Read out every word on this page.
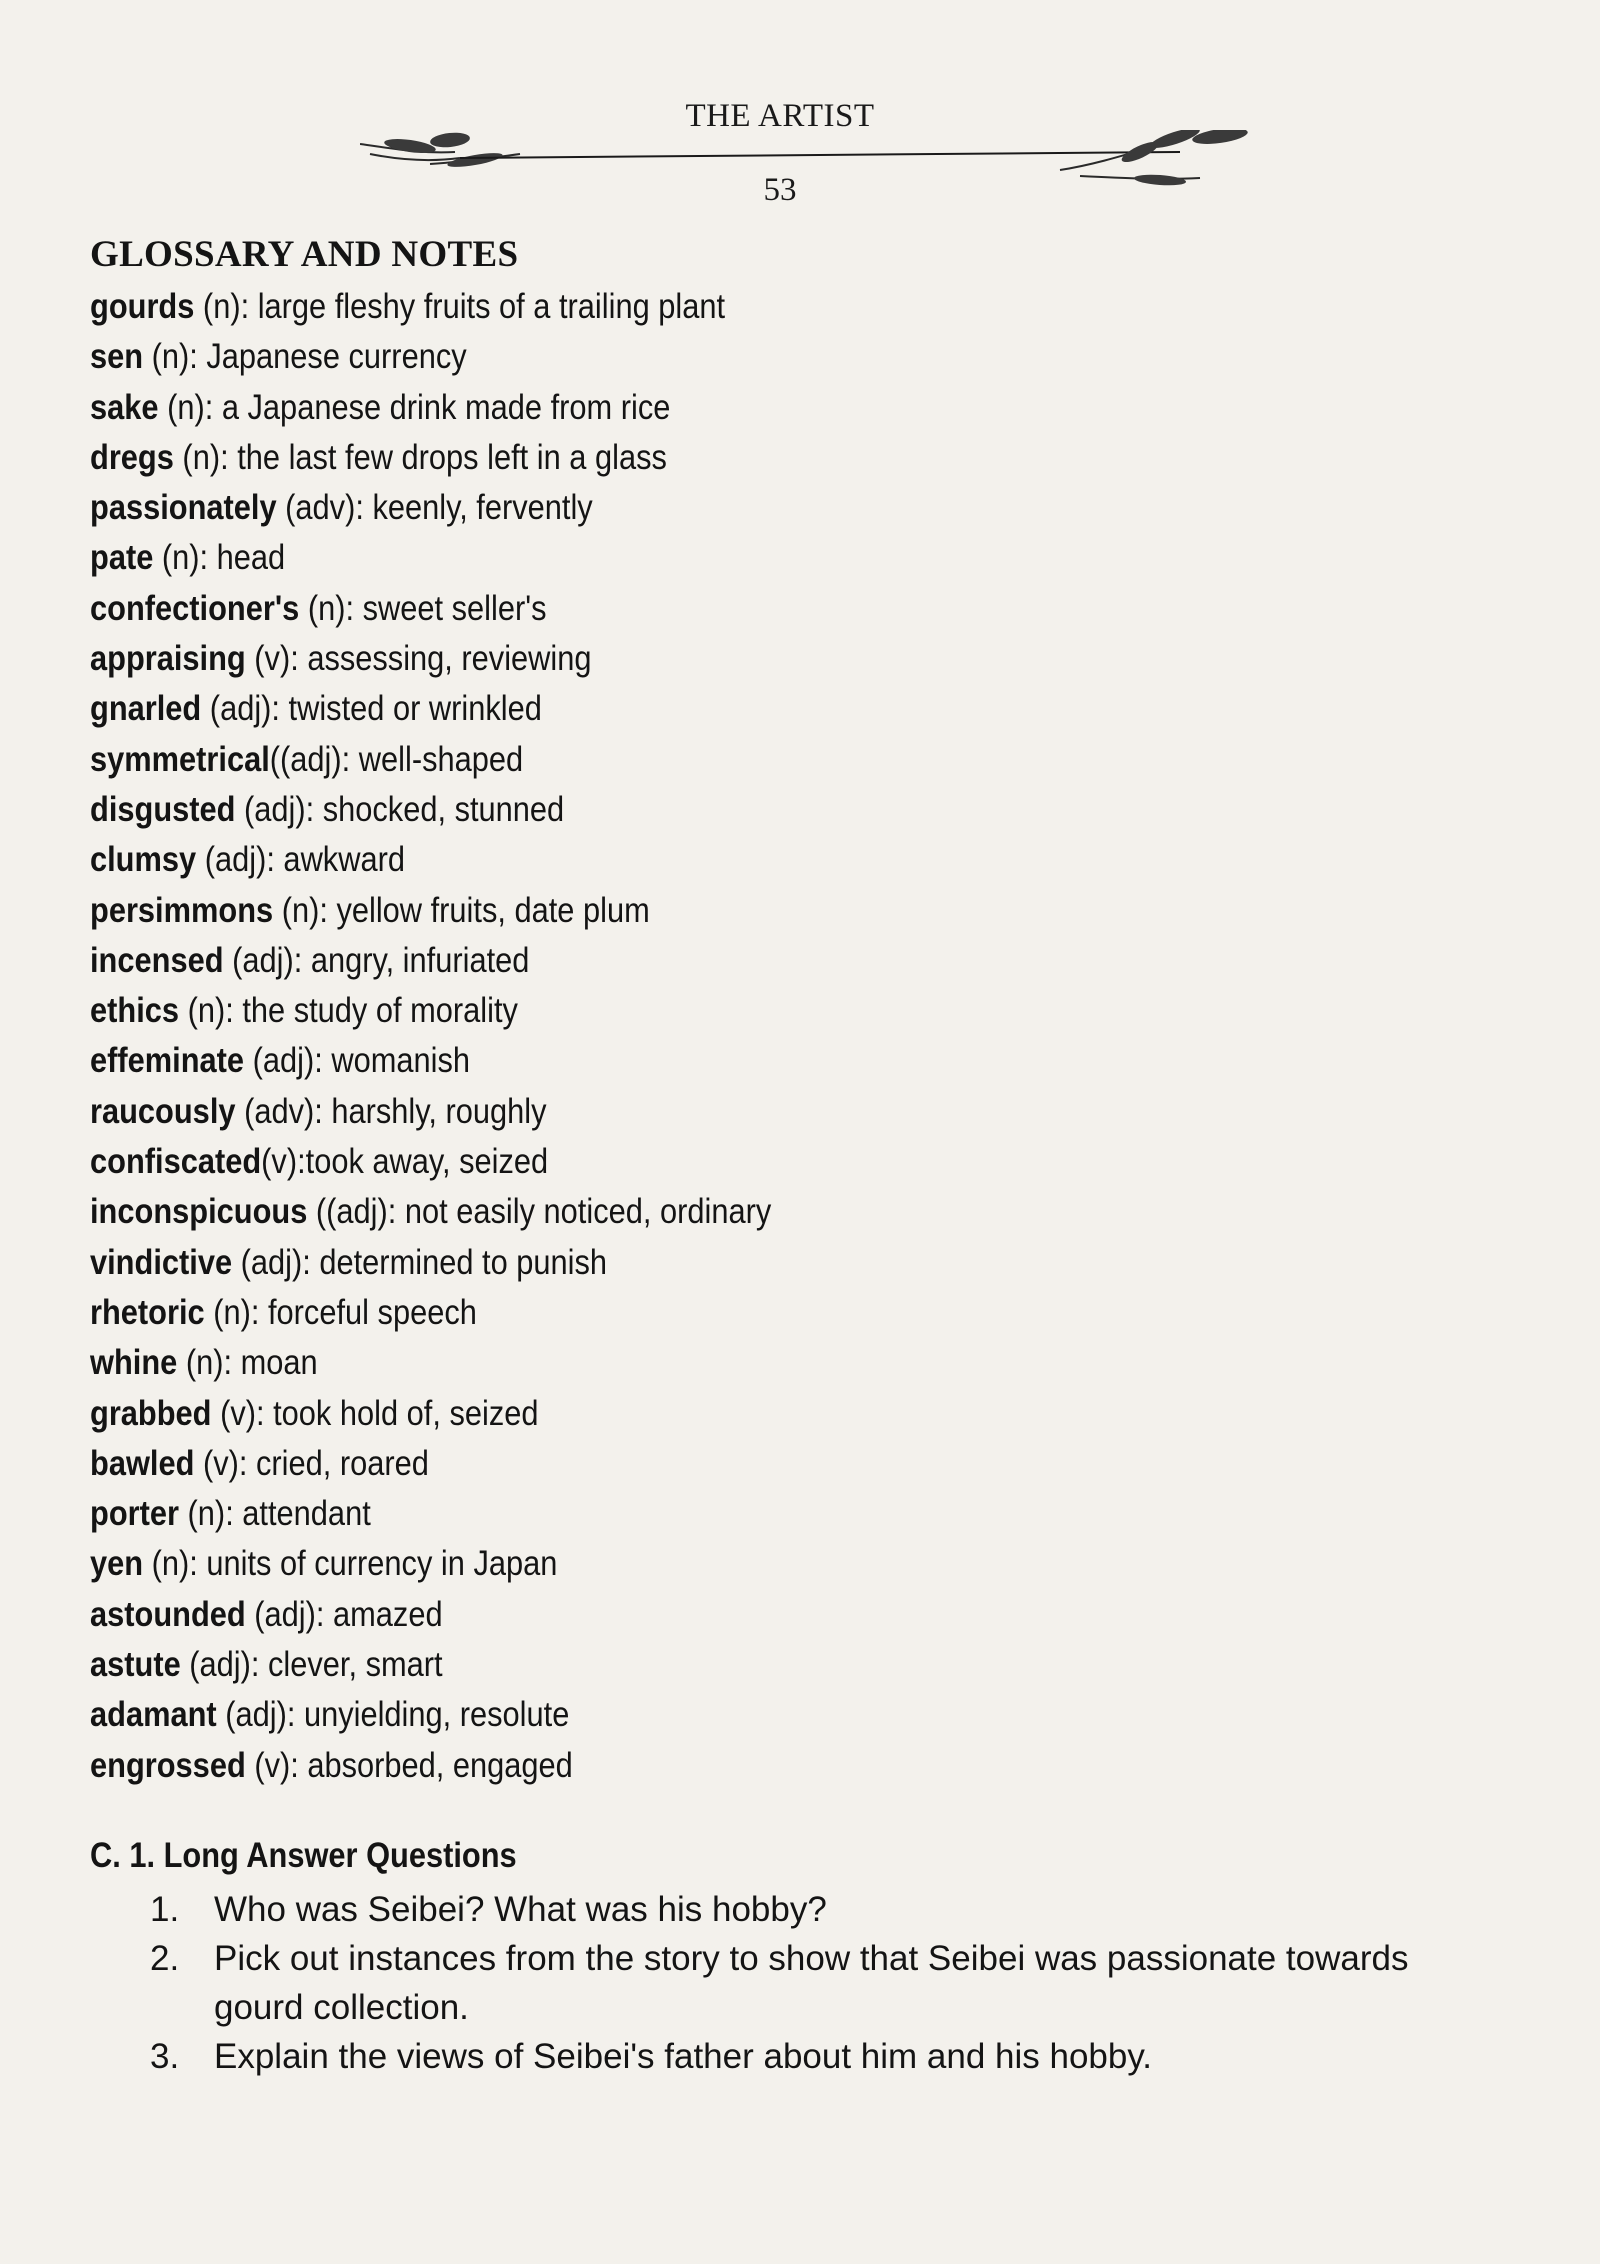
THE ARTIST
53
GLOSSARY AND NOTES
gourds (n): large fleshy fruits of a trailing plant
sen (n): Japanese currency
sake (n): a Japanese drink made from rice
dregs (n): the last few drops left in a glass
passionately (adv): keenly, fervently
pate (n): head
confectioner's (n): sweet seller's
appraising (v): assessing, reviewing
gnarled (adj): twisted or wrinkled
symmetrical((adj): well-shaped
disgusted (adj): shocked, stunned
clumsy (adj): awkward
persimmons (n): yellow fruits, date plum
incensed (adj): angry, infuriated
ethics (n): the study of morality
effeminate (adj): womanish
raucously (adv): harshly, roughly
confiscated(v):took away, seized
inconspicuous ((adj): not easily noticed, ordinary
vindictive (adj): determined to punish
rhetoric (n): forceful speech
whine (n): moan
grabbed (v): took hold of, seized
bawled (v): cried, roared
porter (n): attendant
yen (n): units of currency in Japan
astounded (adj): amazed
astute (adj): clever, smart
adamant (adj): unyielding, resolute
engrossed (v): absorbed, engaged
C. 1. Long Answer Questions
1. Who was Seibei? What was his hobby?
2. Pick out instances from the story to show that Seibei was passionate towards gourd collection.
3. Explain the views of Seibei's father about him and his hobby.
